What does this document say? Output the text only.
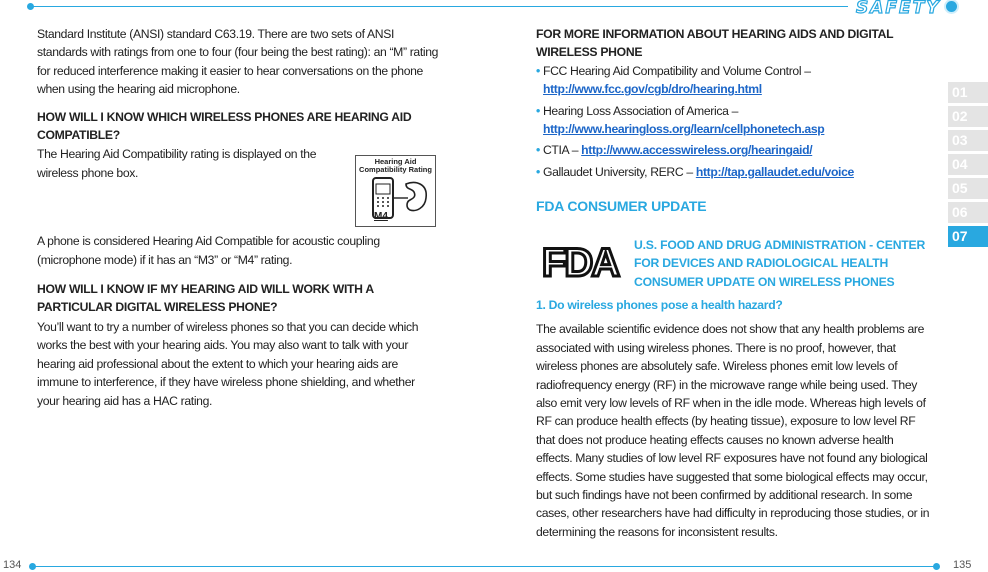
SAFETY
134	135
01
02
03
04
05
06
07

Standard Institute (ANSI) standard C63.19. There are two sets of ANSI standards with ratings from one to four (four being the best rating): an “M” rating for reduced interference making it easier to hear conversations on the phone when using the hearing aid microphone.

HOW WILL I KNOW WHICH WIRELESS PHONES ARE HEARING AID COMPATIBLE?

The Hearing Aid Compatibility rating is displayed on the wireless phone box.

A phone is considered Hearing Aid Compatible for acoustic coupling (microphone mode) if it has an “M3” or “M4” rating.

HOW WILL I KNOW IF MY HEARING AID WILL WORK WITH A PARTICULAR DIGITAL WIRELESS PHONE?

You’ll want to try a number of wireless phones so that you can decide which works the best with your hearing aids. You may also want to talk with your hearing aid professional about the extent to which your hearing aids are immune to interference, if they have wireless phone shielding, and whether your hearing aid has a HAC rating.

Hearing Aid Compatibility Rating
M4

FOR MORE INFORMATION ABOUT HEARING AIDS AND DIGITAL WIRELESS PHONE

• FCC Hearing Aid Compatibility and Volume Control –
http://www.fcc.gov/cgb/dro/hearing.html

• Hearing Loss Association of America –
http://www.hearingloss.org/learn/cellphonetech.asp

• CTIA – http://www.accesswireless.org/hearingaid/

• Gallaudet University, RERC – http://tap.gallaudet.edu/voice

FDA CONSUMER UPDATE

FDA U.S. FOOD AND DRUG ADMINISTRATION - CENTER FOR DEVICES AND RADIOLOGICAL HEALTH CONSUMER UPDATE ON WIRELESS PHONES

1. Do wireless phones pose a health hazard?

The available scientific evidence does not show that any health problems are associated with using wireless phones. There is no proof, however, that wireless phones are absolutely safe. Wireless phones emit low levels of radiofrequency energy (RF) in the microwave range while being used. They also emit very low levels of RF when in the idle mode. Whereas high levels of RF can produce health effects (by heating tissue), exposure to low level RF that does not produce heating effects causes no known adverse health effects. Many studies of low level RF exposures have not found any biological effects. Some studies have suggested that some biological effects may occur, but such findings have not been confirmed by additional research. In some cases, other researchers have had difficulty in reproducing those studies, or in determining the reasons for inconsistent results.
